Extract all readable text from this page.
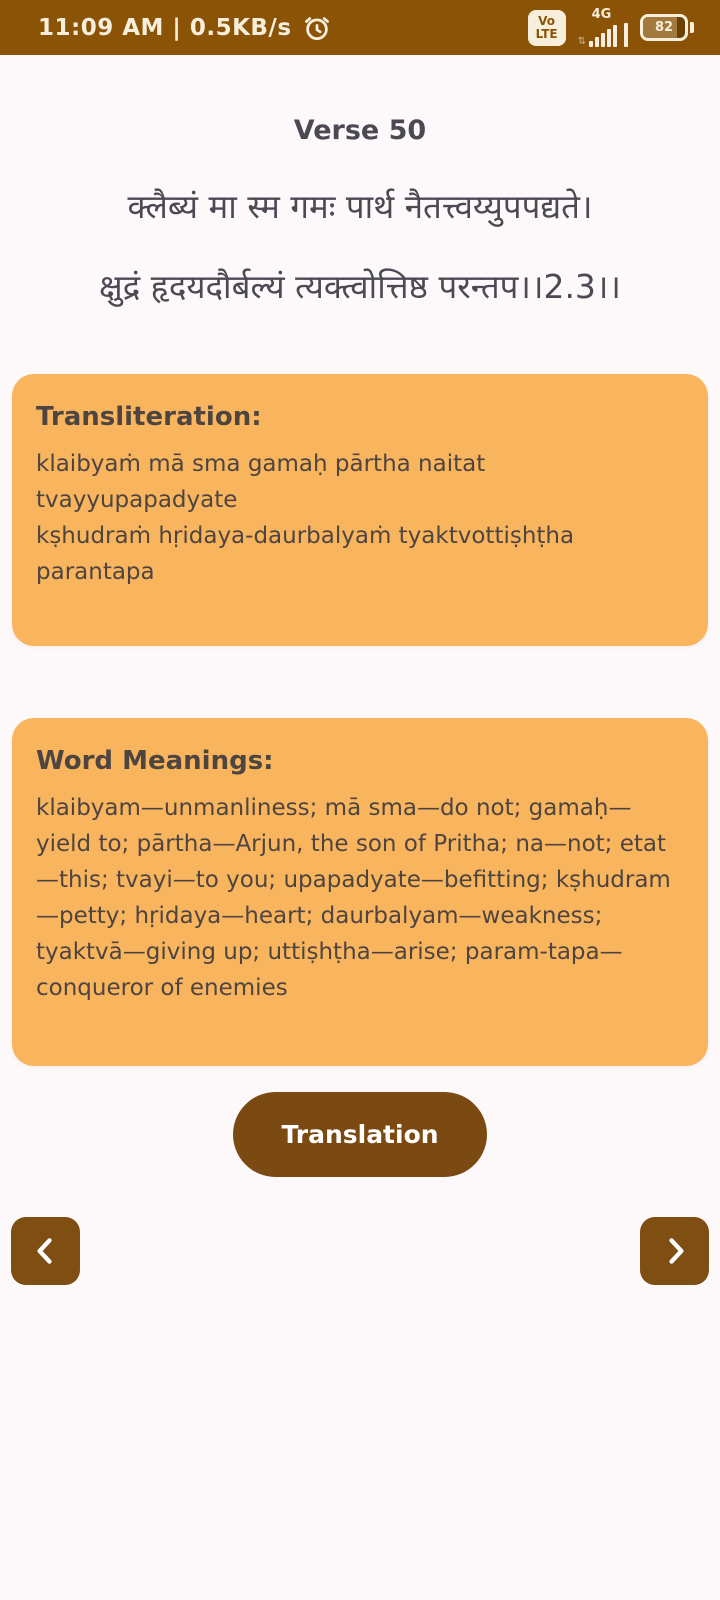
11:09 AM | 0.5KB/s	Vo
LTE
4G
⇅
82
Verse 50
क्लैब्यं मा स्म गमः पार्थ नैतत्त्वय्युपपद्यते।
क्षुद्रं हृदयदौर्बल्यं त्यक्त्वोत्तिष्ठ परन्तप।।2.3।।
Transliteration:
klaibyaṁ mā sma gamaḥ pārtha naitat tvayyupapadyate
kṣhudraṁ hṛidaya-daurbalyaṁ tyaktvottiṣhṭha parantapa
Word Meanings:
klaibyam—unmanliness; mā sma—do not; gamaḥ—yield to; pārtha—Arjun, the son of Pritha; na—not; etat—this; tvayi—to you; upapadyate—befitting; kṣhudram—petty; hṛidaya—heart; daurbalyam—weakness; tyaktvā—giving up; uttiṣhṭha—arise; param-tapa—conqueror of enemies
Translation
